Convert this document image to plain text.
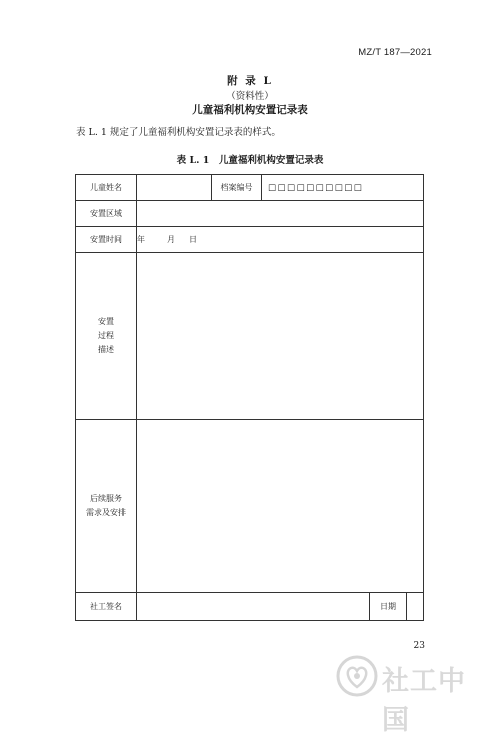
MZ/T 187—2021
附 录 L
（资料性）
儿童福利机构安置记录表
表 L. 1 规定了儿童福利机构安置记录表的样式。
表 L. 1　儿童福利机构安置记录表
儿童姓名		档案编号	□□□□□□□□□□		
安置区域					
安置时间	年 月 日				

安置
过程
描述					

后续服务
需求及安排					

社工签名				日期	
23
社工中国
